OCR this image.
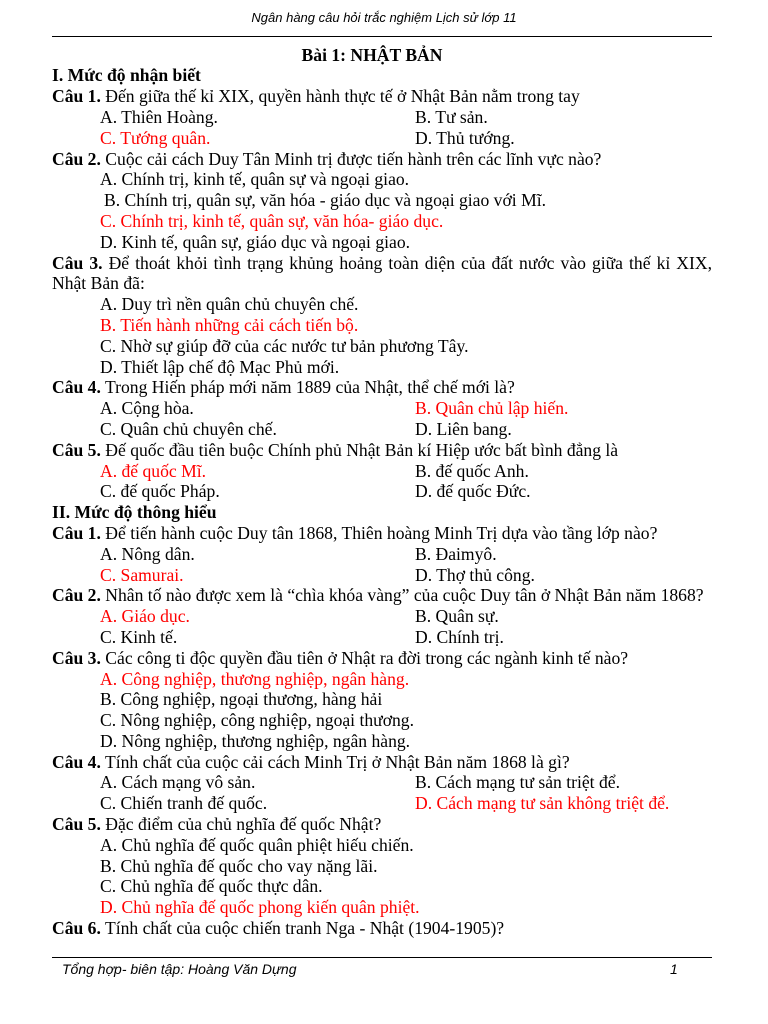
Ngân hàng câu hỏi trắc nghiệm Lịch sử lớp 11
Bài 1: NHẬT BẢN
I. Mức độ nhận biết
Câu 1. Đến giữa thế kỉ XIX, quyền hành thực tế ở Nhật Bản nằm trong tay
A. Thiên Hoàng.	B. Tư sản.
C. Tướng quân.	D. Thủ tướng.
Câu 2. Cuộc cải cách Duy Tân Minh trị được tiến hành trên các lĩnh vực nào?
A. Chính trị, kinh tế, quân sự và ngoại giao.
B. Chính trị, quân sự, văn hóa - giáo dục và ngoại giao với Mĩ.
C. Chính trị, kinh tế, quân sự, văn hóa- giáo dục.
D. Kinh tế, quân sự, giáo dục và ngoại giao.
Câu 3. Để thoát khỏi tình trạng khủng hoảng toàn diện của đất nước vào giữa thế kỉ XIX, Nhật Bản đã:
A. Duy trì nền quân chủ chuyên chế.
B. Tiến hành những cải cách tiến bộ.
C. Nhờ sự giúp đỡ của các nước tư bản phương Tây.
D. Thiết lập chế độ Mạc Phủ mới.
Câu 4. Trong Hiến pháp mới năm 1889 của Nhật, thể chế mới là?
A. Cộng hòa.	B. Quân chủ lập hiến.
C. Quân chủ chuyên chế.	D. Liên bang.
Câu 5. Đế quốc đầu tiên buộc Chính phủ Nhật Bản kí Hiệp ước bất bình đẳng là
A. đế quốc Mĩ.	B. đế quốc Anh.
C. đế quốc Pháp.	D. đế quốc Đức.
II. Mức độ thông hiểu
Câu 1. Để tiến hành cuộc Duy tân 1868, Thiên hoàng Minh Trị dựa vào tầng lớp nào?
A. Nông dân.	B. Đaimyô.
C. Samurai.	D. Thợ thủ công.
Câu 2. Nhân tố nào được xem là “chìa khóa vàng” của cuộc Duy tân ở Nhật Bản năm 1868?
A. Giáo dục.	B. Quân sự.
C. Kinh tế.	D. Chính trị.
Câu 3. Các công ti độc quyền đầu tiên ở Nhật ra đời trong các ngành kinh tế nào?
A. Công nghiệp, thương nghiệp, ngân hàng.
B. Công nghiệp, ngoại thương, hàng hải
C. Nông nghiệp, công nghiệp, ngoại thương.
D. Nông nghiệp, thương nghiệp, ngân hàng.
Câu 4. Tính chất của cuộc cải cách Minh Trị ở Nhật Bản năm 1868 là gì?
A. Cách mạng vô sản.	B. Cách mạng tư sản triệt để.
C. Chiến tranh đế quốc.	D. Cách mạng tư sản không triệt để.
Câu 5. Đặc điểm của chủ nghĩa đế quốc Nhật?
A. Chủ nghĩa đế quốc quân phiệt hiếu chiến.
B. Chủ nghĩa đế quốc cho vay nặng lãi.
C. Chủ nghĩa đế quốc thực dân.
D. Chủ nghĩa đế quốc phong kiến quân phiệt.
Câu 6. Tính chất của cuộc chiến tranh Nga - Nhật (1904-1905)?
Tổng hợp- biên tập: Hoàng Văn Dựng	1
